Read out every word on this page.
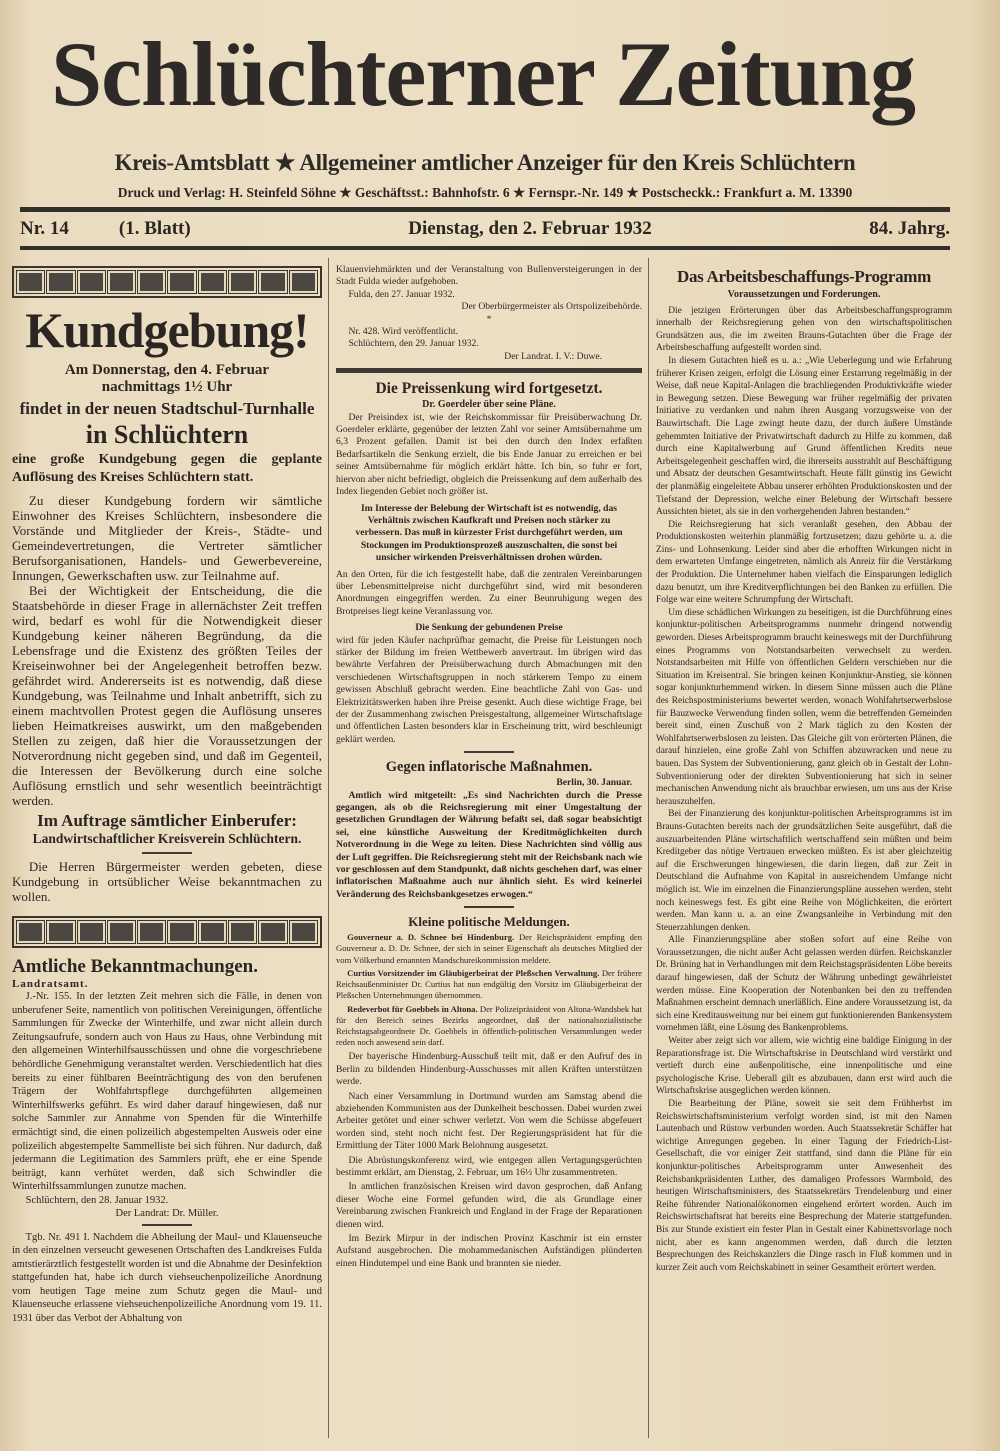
Schlüchterner Zeitung
Kreis-Amtsblatt ★ Allgemeiner amtlicher Anzeiger für den Kreis Schlüchtern
Druck und Verlag: H. Steinfeld Söhne ★ Geschäftsst.: Bahnhofstr. 6 ★ Fernspr.-Nr. 149 ★ Postscheckk.: Frankfurt a. M. 13390
Nr. 14	(1. Blatt)	Dienstag, den 2. Februar 1932	84. Jahrg.
Kundgebung!
Am Donnerstag, den 4. Februar
nachmittags 1½ Uhr
findet in der neuen Stadtschul-Turnhalle
in Schlüchtern
eine große Kundgebung gegen die geplante Auflösung des Kreises Schlüchtern statt.

Zu dieser Kundgebung fordern wir sämtliche Einwohner des Kreises Schlüchtern, insbesondere die Vorstände und Mitglieder der Kreis-, Städte- und Gemeindevertretungen, die Vertreter sämtlicher Berufsorganisationen, Handels- und Gewerbevereine, Innungen, Gewerkschaften usw. zur Teilnahme auf.

Bei der Wichtigkeit der Entscheidung, die die Staatsbehörde in dieser Frage in allernächster Zeit treffen wird, bedarf es wohl für die Notwendigkeit dieser Kundgebung keiner näheren Begründung, da die Lebensfrage und die Existenz des größten Teiles der Kreiseinwohner bei der Angelegenheit betroffen bezw. gefährdet wird. Andererseits ist es notwendig, daß diese Kundgebung, was Teilnahme und Inhalt anbetrifft, sich zu einem machtvollen Protest gegen die Auflösung unseres lieben Heimatkreises auswirkt, um den maßgebenden Stellen zu zeigen, daß hier die Voraussetzungen der Notverordnung nicht gegeben sind, und daß im Gegenteil, die Interessen der Bevölkerung durch eine solche Auflösung ernstlich und sehr wesentlich beeinträchtigt werden.

Im Auftrage sämtlicher Einberufer:
Landwirtschaftlicher Kreisverein Schlüchtern.

Die Herren Bürgermeister werden gebeten, diese Kundgebung in ortsüblicher Weise bekanntmachen zu wollen.

Amtliche Bekanntmachungen.
Landratsamt.

J.-Nr. 155. In der letzten Zeit mehren sich die Fälle, in denen von unberufener Seite, namentlich von politischen Vereinigungen, öffentliche Sammlungen für Zwecke der Winterhilfe, und zwar nicht allein durch Zeitungsaufrufe, sondern auch von Haus zu Haus, ohne Verbindung mit den allgemeinen Winterhilfsausschüssen und ohne die vorgeschriebene behördliche Genehmigung veranstaltet werden. Verschiedentlich hat dies bereits zu einer fühlbaren Beeinträchtigung des von den berufenen Trägern der Wohlfahrtspflege durchgeführten allgemeinen Winterhilfswerks geführt. Es wird daher darauf hingewiesen, daß nur solche Sammler zur Annahme von Spenden für die Winterhilfe ermächtigt sind, die einen polizeilich abgestempelten Ausweis oder eine polizeilich abgestempelte Sammelliste bei sich führen. Nur dadurch, daß jedermann die Legitimation des Sammlers prüft, ehe er eine Spende beiträgt, kann verhütet werden, daß sich Schwindler die Winterhilfssammlungen zunutze machen.

Schlüchtern, den 28. Januar 1932.

Der Landrat: Dr. Müller.

Tgb. Nr. 491 I. Nachdem die Abheilung der Maul- und Klauenseuche in den einzelnen verseucht gewesenen Ortschaften des Landkreises Fulda amtstierärztlich festgestellt worden ist und die Abnahme der Desinfektion stattgefunden hat, habe ich durch viehseuchenpolizeiliche Anordnung vom heutigen Tage meine zum Schutz gegen die Maul- und Klauenseuche erlassene viehseuchenpolizeiliche Anordnung vom 19. 11. 1931 über das Verbot der Abhaltung von

Klauenviehmärkten und der Veranstaltung von Bullenversteigerungen in der Stadt Fulda wieder aufgehoben.

Fulda, den 27. Januar 1932.

Der Oberbürgermeister als Ortspolizeibehörde.
*

Nr. 428. Wird veröffentlicht.

Schlüchtern, den 29. Januar 1932.

Der Landrat. I. V.: Duwe.
Die Preissenkung wird fortgesetzt.
Dr. Goerdeler über seine Pläne.

Der Preisindex ist, wie der Reichskommissar für Preisüberwachung Dr. Goerdeler erklärte, gegenüber der letzten Zahl vor seiner Amtsübernahme um 6,3 Prozent gefallen. Damit ist bei den durch den Index erfaßten Bedarfsartikeln die Senkung erzielt, die bis Ende Januar zu erreichen er bei seiner Amtsübernahme für möglich erklärt hätte. Ich bin, so fuhr er fort, hiervon aber nicht befriedigt, obgleich die Preissenkung auf dem außerhalb des Index liegenden Gebiet noch größer ist.

Im Interesse der Belebung der Wirtschaft ist es notwendig, das Verhältnis zwischen Kaufkraft und Preisen noch stärker zu verbessern. Das muß in kürzester Frist durchgeführt werden, um Stockungen im Produktionsprozeß auszuschalten, die sonst bei unsicher wirkenden Preisverhältnissen drohen würden.
An den Orten, für die ich festgestellt habe, daß die zentralen Vereinbarungen über Lebensmittelpreise nicht durchgeführt sind, wird mit besonderen Anordnungen eingegriffen werden. Zu einer Beunruhigung wegen des Brotpreises liegt keine Veranlassung vor.
Die Senkung der gebundenen Preise
wird für jeden Käufer nachprüfbar gemacht, die Preise für Leistungen noch stärker der Bildung im freien Wettbewerb anvertraut. Im übrigen wird das bewährte Verfahren der Preisüberwachung durch Abmachungen mit den verschiedenen Wirtschaftsgruppen in noch stärkerem Tempo zu einem gewissen Abschluß gebracht werden. Eine beachtliche Zahl von Gas- und Elektrizitätswerken haben ihre Preise gesenkt. Auch diese wichtige Frage, bei der der Zusammenhang zwischen Preisgestaltung, allgemeiner Wirtschaftslage und öffentlichen Lasten besonders klar in Erscheinung tritt, wird beschleunigt geklärt werden.
Gegen inflatorische Maßnahmen.
Berlin, 30. Januar.

Amtlich wird mitgeteilt: „Es sind Nachrichten durch die Presse gegangen, als ob die Reichsregierung mit einer Umgestaltung der gesetzlichen Grundlagen der Währung befaßt sei, daß sogar beabsichtigt sei, eine künstliche Ausweitung der Kreditmöglichkeiten durch Notverordnung in die Wege zu leiten. Diese Nachrichten sind völlig aus der Luft gegriffen. Die Reichsregierung steht mit der Reichsbank nach wie vor geschlossen auf dem Standpunkt, daß nichts geschehen darf, was einer inflatorischen Maßnahme auch nur ähnlich sieht. Es wird keinerlei Veränderung des Reichsbankgesetzes erwogen.“

Kleine politische Meldungen.

Gouverneur a. D. Schnee bei Hindenburg. Der Reichspräsident empfing den Gouverneur a. D. Dr. Schnee, der sich in seiner Eigenschaft als deutsches Mitglied der vom Völkerbund ernannten Mandschureikommission meldete.

Curtius Vorsitzender im Gläubigerbeirat der Pleßschen Verwaltung. Der frühere Reichsaußenminister Dr. Curtius hat nun endgültig den Vorsitz im Gläubigerbeirat der Pleßschen Unternehmungen übernommen.

Redeverbot für Goebbels in Altona. Der Polizeipräsident von Altona-Wandsbek hat für den Bereich seines Bezirks angeordnet, daß der nationalsozialistische Reichstagsabgeordnete Dr. Goebbels in öffentlich-politischen Versammlungen weder reden noch anwesend sein darf.

Der bayerische Hindenburg-Ausschuß teilt mit, daß er den Aufruf des in Berlin zu bildenden Hindenburg-Ausschusses mit allen Kräften unterstützen werde.

Nach einer Versammlung in Dortmund wurden am Samstag abend die abziehenden Kommunisten aus der Dunkelheit beschossen. Dabei wurden zwei Arbeiter getötet und einer schwer verletzt. Von wem die Schüsse abgefeuert worden sind, steht noch nicht fest. Der Regierungspräsident hat für die Ermittlung der Täter 1000 Mark Belohnung ausgesetzt.

Die Abrüstungskonferenz wird, wie entgegen allen Vertagungsgerüchten bestimmt erklärt, am Dienstag, 2. Februar, um 16½ Uhr zusammentreten.

In amtlichen französischen Kreisen wird davon gesprochen, daß Anfang dieser Woche eine Formel gefunden wird, die als Grundlage einer Vereinbarung zwischen Frankreich und England in der Frage der Reparationen dienen wird.

Im Bezirk Mirpur in der indischen Provinz Kaschmir ist ein ernster Aufstand ausgebrochen. Die mohammedanischen Aufständigen plünderten einen Hindutempel und eine Bank und brannten sie nieder.

Das Arbeitsbeschaffungs-Programm
Voraussetzungen und Forderungen.

Die jetzigen Erörterungen über das Arbeitsbeschaffungsprogramm innerhalb der Reichsregierung gehen von den wirtschaftspolitischen Grundsätzen aus, die im zweiten Brauns-Gutachten über die Frage der Arbeitsbeschaffung aufgestellt worden sind.

In diesem Gutachten hieß es u. a.: „Wie Ueberlegung und wie Erfahrung früherer Krisen zeigen, erfolgt die Lösung einer Erstarrung regelmäßig in der Weise, daß neue Kapital-Anlagen die brachliegenden Produktivkräfte wieder in Bewegung setzen. Diese Bewegung war früher regelmäßig der privaten Initiative zu verdanken und nahm ihren Ausgang vorzugsweise von der Bauwirtschaft. Die Lage zwingt heute dazu, der durch äußere Umstände gehemmten Initiative der Privatwirtschaft dadurch zu Hilfe zu kommen, daß durch eine Kapitalwerbung auf Grund öffentlichen Kredits neue Arbeitsgelegenheit geschaffen wird, die ihrerseits ausstrahlt auf Beschäftigung und Absatz der deutschen Gesamtwirtschaft. Heute fällt günstig ins Gewicht der planmäßig eingeleitete Abbau unserer erhöhten Produktionskosten und der Tiefstand der Depression, welche einer Belebung der Wirtschaft bessere Aussichten bietet, als sie in den vorhergehenden Jahren bestanden.“

Die Reichsregierung hat sich veranlaßt gesehen, den Abbau der Produktionskosten weiterhin planmäßig fortzusetzen; dazu gehörte u. a. die Zins- und Lohnsenkung. Leider sind aber die erhofften Wirkungen nicht in dem erwarteten Umfange eingetreten, nämlich als Anreiz für die Verstärkung der Produktion. Die Unternehmer haben vielfach die Einsparungen lediglich dazu benutzt, um ihre Kreditverpflichtungen bei den Banken zu erfüllen. Die Folge war eine weitere Schrumpfung der Wirtschaft.

Um diese schädlichen Wirkungen zu beseitigen, ist die Durchführung eines konjunktur-politischen Arbeitsprogramms nunmehr dringend notwendig geworden. Dieses Arbeitsprogramm braucht keineswegs mit der Durchführung eines Programms von Notstandsarbeiten verwechselt zu werden. Notstandsarbeiten mit Hilfe von öffentlichen Geldern verschieben nur die Situation im Kreisentral. Sie bringen keinen Konjunktur-Anstieg, sie können sogar konjunkturhemmend wirken. In diesem Sinne müssen auch die Pläne des Reichspostministeriums bewertet werden, wonach Wohlfahrtserwerbslose für Bauzwecke Verwendung finden sollen, wenn die betreffenden Gemeinden bereit sind, einen Zuschuß von 2 Mark täglich zu den Kosten der Wohlfahrtserwerbslosen zu leisten. Das Gleiche gilt von erörterten Plänen, die darauf hinzielen, eine große Zahl von Schiffen abzuwracken und neue zu bauen. Das System der Subventionierung, ganz gleich ob in Gestalt der Lohn-Subventionierung oder der direkten Subventionierung hat sich in seiner mechanischen Anwendung nicht als brauchbar erwiesen, um uns aus der Krise herauszuhelfen.

Bei der Finanzierung des konjunktur-politischen Arbeitsprogramms ist im Brauns-Gutachten bereits nach der grundsätzlichen Seite ausgeführt, daß die auszuarbeitenden Pläne wirtschaftlich wertschaffend sein müßten und beim Kreditgeber das nötige Vertrauen erwecken müßten. Es ist aber gleichzeitig auf die Erschwerungen hingewiesen, die darin liegen, daß zur Zeit in Deutschland die Aufnahme von Kapital in ausreichendem Umfange nicht möglich ist. Wie im einzelnen die Finanzierungspläne aussehen werden, steht noch keineswegs fest. Es gibt eine Reihe von Möglichkeiten, die erörtert werden. Man kann u. a. an eine Zwangsanleihe in Verbindung mit den Steuerzahlungen denken.

Alle Finanzierungspläne aber stoßen sofort auf eine Reihe von Voraussetzungen, die nicht außer Acht gelassen werden dürfen. Reichskanzler Dr. Brüning hat in Verhandlungen mit dem Reichstagspräsidenten Löbe bereits darauf hingewiesen, daß der Schutz der Währung unbedingt gewährleistet werden müsse. Eine Kooperation der Notenbanken bei den zu treffenden Maßnahmen erscheint demnach unerläßlich. Eine andere Voraussetzung ist, da sich eine Kreditausweitung nur bei einem gut funktionierenden Bankensystem vornehmen läßt, eine Lösung des Bankenproblems.

Weiter aber zeigt sich vor allem, wie wichtig eine baldige Einigung in der Reparationsfrage ist. Die Wirtschaftskrise in Deutschland wird verstärkt und vertieft durch eine außenpolitische, eine innenpolitische und eine psychologische Krise. Ueberall gilt es abzubauen, dann erst wird auch die Wirtschaftskrise ausgeglichen werden können.

Die Bearbeitung der Pläne, soweit sie seit dem Frühherbst im Reichswirtschaftsministerium verfolgt worden sind, ist mit den Namen Lautenbach und Rüstow verbunden worden. Auch Staatssekretär Schäffer hat wichtige Anregungen gegeben. In einer Tagung der Friedrich-List-Gesellschaft, die vor einiger Zeit stattfand, sind dann die Pläne für ein konjunktur-politisches Arbeitsprogramm unter Anwesenheit des Reichsbankpräsidenten Luther, des damaligen Professors Warmbold, des heutigen Wirtschaftsministers, des Staatssekretärs Trendelenburg und einer Reihe führender Nationalökonomen eingehend erörtert worden. Auch im Reichswirtschaftsrat hat bereits eine Besprechung der Materie stattgefunden. Bis zur Stunde existiert ein fester Plan in Gestalt einer Kabinettsvorlage noch nicht, aber es kann angenommen werden, daß durch die letzten Besprechungen des Reichskanzlers die Dinge rasch in Fluß kommen und in kurzer Zeit auch vom Reichskabinett in seiner Gesamtheit erörtert werden.
